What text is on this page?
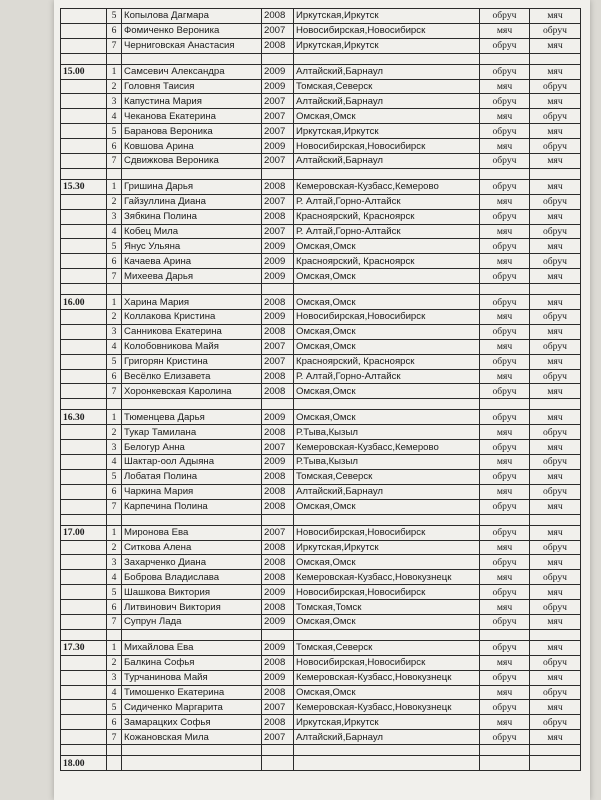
	5	Копылова Дагмара	2008	Иркутская,Иркутск	обруч	мяч
	6	Фомиченко Вероника	2007	Новосибирская,Новосибирск	мяч	обруч
	7	Черниговская Анастасия	2008	Иркутская,Иркутск	обруч	мяч

15.00	1	Самсевич Александра	2009	Алтайский,Барнаул	обруч	мяч
	2	Головня Таисия	2009	Томская,Северск	мяч	обруч
	3	Капустина Мария	2007	Алтайский,Барнаул	обруч	мяч
	4	Чеканова Екатерина	2007	Омская,Омск	мяч	обруч
	5	Баранова Вероника	2007	Иркутская,Иркутск	обруч	мяч
	6	Ковшова Арина	2009	Новосибирская,Новосибирск	мяч	обруч
	7	Сдвижкова Вероника	2007	Алтайский,Барнаул	обруч	мяч

15.30	1	Гришина Дарья	2008	Кемеровская-Кузбасс,Кемерово	обруч	мяч
	2	Гайзуллина Диана	2007	Р. Алтай,Горно-Алтайск	мяч	обруч
	3	Зябкина Полина	2008	Красноярский, Красноярск	обруч	мяч
	4	Кобец Мила	2007	Р. Алтай,Горно-Алтайск	мяч	обруч
	5	Янус Ульяна	2009	Омская,Омск	обруч	мяч
	6	Качаева Арина	2009	Красноярский, Красноярск	мяч	обруч
	7	Михеева Дарья	2009	Омская,Омск	обруч	мяч

16.00	1	Харина Мария	2008	Омская,Омск	обруч	мяч
	2	Коллакова Кристина	2009	Новосибирская,Новосибирск	мяч	обруч
	3	Санникова Екатерина	2008	Омская,Омск	обруч	мяч
	4	Колобовникова Майя	2007	Омская,Омск	мяч	обруч
	5	Григорян Кристина	2007	Красноярский, Красноярск	обруч	мяч
	6	Весёлко Елизавета	2008	Р. Алтай,Горно-Алтайск	мяч	обруч
	7	Хоронкевская Каролина	2008	Омская,Омск	обруч	мяч

16.30	1	Тюменцева Дарья	2009	Омская,Омск	обруч	мяч
	2	Тукар Тамилана	2008	Р.Тыва,Кызыл	мяч	обруч
	3	Белогур Анна	2007	Кемеровская-Кузбасс,Кемерово	обруч	мяч
	4	Шактар-оол Адыяна	2009	Р.Тыва,Кызыл	мяч	обруч
	5	Лобатая Полина	2008	Томская,Северск	обруч	мяч
	6	Чаркина Мария	2008	Алтайский,Барнаул	мяч	обруч
	7	Карпечина Полина	2008	Омская,Омск	обруч	мяч

17.00	1	Миронова Ева	2007	Новосибирская,Новосибирск	обруч	мяч
	2	Ситкова Алена	2008	Иркутская,Иркутск	мяч	обруч
	3	Захарченко Диана	2008	Омская,Омск	обруч	мяч
	4	Боброва Владислава	2008	Кемеровская-Кузбасс,Новокузнецк	мяч	обруч
	5	Шашкова Виктория	2009	Новосибирская,Новосибирск	обруч	мяч
	6	Литвинович Виктория	2008	Томская,Томск	мяч	обруч
	7	Супрун Лада	2009	Омская,Омск	обруч	мяч

17.30	1	Михайлова Ева	2009	Томская,Северск	обруч	мяч
	2	Балкина Софья	2008	Новосибирская,Новосибирск	мяч	обруч
	3	Турчанинова Майя	2009	Кемеровская-Кузбасс,Новокузнецк	обруч	мяч
	4	Тимошенко Екатерина	2008	Омская,Омск	мяч	обруч
	5	Сидиченко Маргарита	2007	Кемеровская-Кузбасс,Новокузнецк	обруч	мяч
	6	Замарацких Софья	2008	Иркутская,Иркутск	мяч	обруч
	7	Кожановская Мила	2007	Алтайский,Барнаул	обруч	мяч

18.00						
